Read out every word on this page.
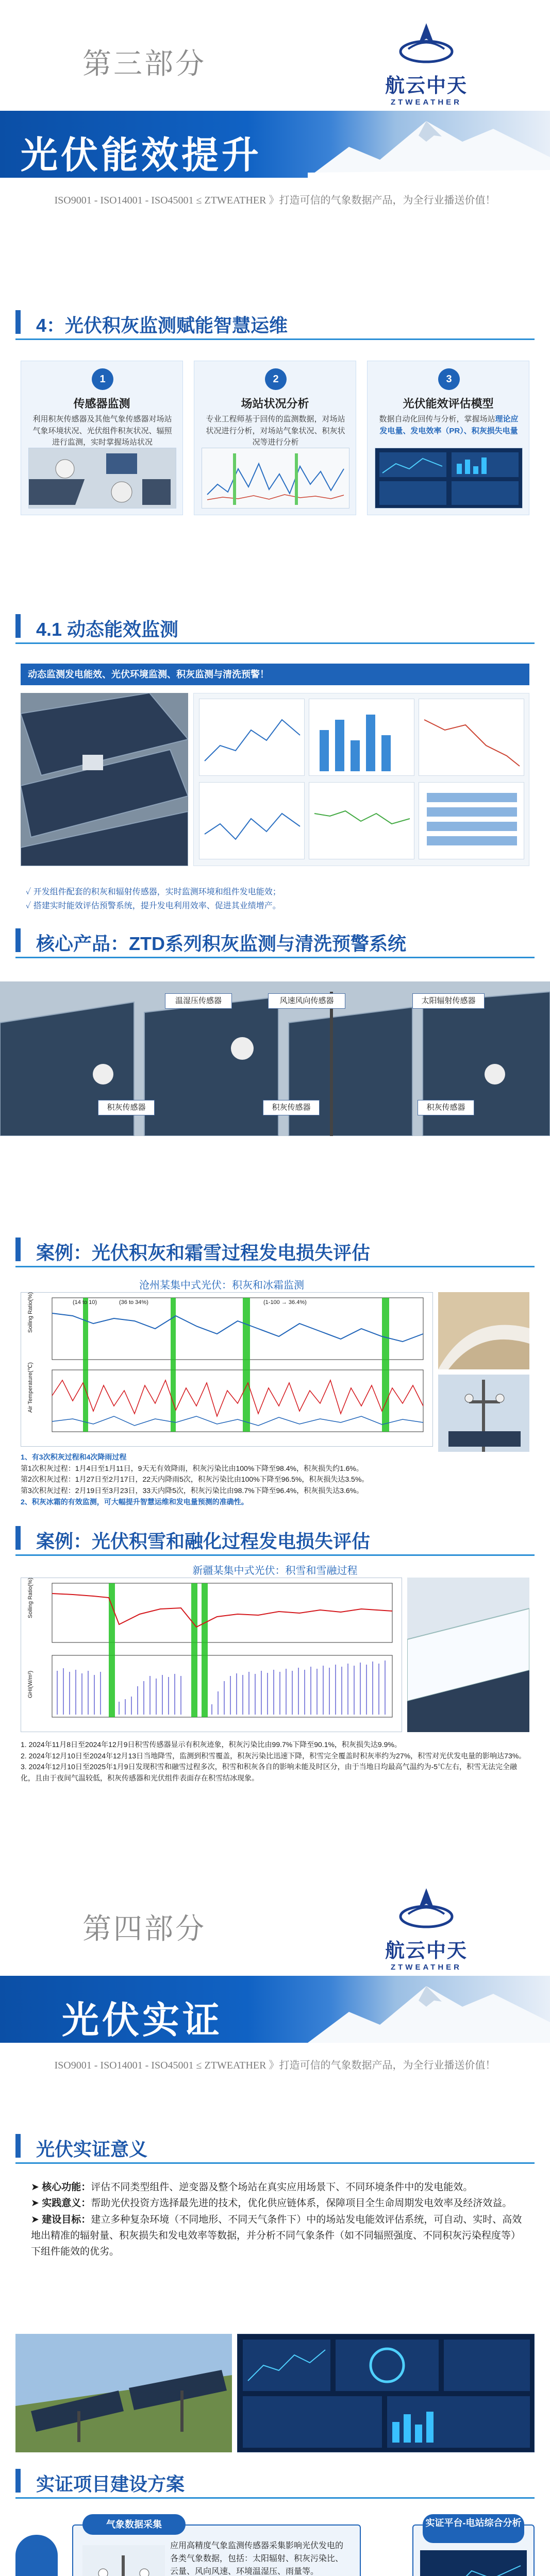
第三部分
航云中天
ZTWEATHER
光伏能效提升
ISO9001 - ISO14001 - ISO45001 ≤ ZTWEATHER 》打造可信的气象数据产品，为全行业播送价值！
4：光伏积灰监测赋能智慧运维
1
传感器监测
利用积灰传感器及其他气象传感器对场站气象环境状况、光伏组件积灰状况、辐照进行监测，实时掌握场站状况
2
场站状况分析
专业工程师基于回传的监测数据，对场站状况进行分析，对场站气象状况、积灰状况等进行分析
3
光伏能效评估模型
数据自动化回传与分析，掌握场站理论应发电量、发电效率（PR）、积灰损失电量
4.1 动态能效监测
动态监测发电能效、光伏环境监测、积灰监测与清洗预警！
✓ 开发组件配套的积灰和辐射传感器，实时监测环境和组件发电能效；
✓ 搭建实时能效评估预警系统，提升发电利用效率、促进其业绩增产。
核心产品：ZTD系列积灰监测与清洗预警系统
温湿压传感器	风速风向传感器	太阳辐射传感器
积灰传感器	积灰传感器	积灰传感器
案例：光伏积灰和霜雪过程发电损失评估
沧州某集中式光伏：积灰和冰霜监测
Soiling Ratio(%)
Air Temperature(℃)
(14 to 10)	(36 to 34%)	(1-100 → 36.4%)
1、有3次积灰过程和4次降雨过程
第1次积灰过程：1月4日至1月11日，9天无有效降雨，积灰污染比由100%下降至98.4%，积灰损失约1.6%。
第2次积灰过程：1月27日至2月17日，22天内降雨5次，积灰污染比由100%下降至96.5%，积灰损失达3.5%。
第3次积灰过程：2月19日至3月23日，33天内降5次，积灰污染比由98.7%下降至96.4%，积灰损失达3.6%。
2、积灰冰霜的有效监测，可大幅提升智慧运维和发电量预测的准确性。
案例：光伏积雪和融化过程发电损失评估
新疆某集中式光伏：积雪和雪融过程
Soiling Ratio(%)
GHI(W/m²)
1. 2024年11月8日至2024年12月9日积雪传感器显示有积灰迹象，积灰污染比由99.7%下降至90.1%，积灰损失达9.9%。
2. 2024年12月10日至2024年12月13日当地降雪，监测到积雪覆盖，积灰污染比迅速下降，积雪完全覆盖时积灰率约为27%，积雪对光伏发电量的影响达73%。
3. 2024年12月10日至2025年1月9日发现积雪和融雪过程多次，积雪和积灰各自的影响未能及时区分，由于当地日均最高气温约为-5℃左右，积雪无法完全融化，且由于夜间气温较低，积灰传感器和光伏组件表面存在积雪结冰现象。
第四部分
航云中天
ZTWEATHER
光伏实证
ISO9001 - ISO14001 - ISO45001 ≤ ZTWEATHER 》打造可信的气象数据产品，为全行业播送价值！
光伏实证意义
➤ 核心功能：评估不同类型组件、逆变器及整个场站在真实应用场景下、不同环境条件中的发电能效。
➤ 实践意义：帮助光伏投资方选择最先进的技术，优化供应链体系，保障项目全生命周期发电效率及经济效益。
➤ 建设目标：建立多种复杂环境（不同地形、不同天气条件下）中的场站发电能效评估系统，可自动、实时、高效地出精准的辐射量、积灰损失和发电效率等数据，并分析不同气象条件（如不同辐照强度、不同积灰污染程度等）下组件能效的优劣。
实证项目建设方案
气象数据采集
应用高精度气象监测传感器采集影响光伏发电的各类气象数据，包括：太阳辐射、积灰污染比、云量、风向风速、环境温湿压、雨量等。
实证平台-电站综合分析
